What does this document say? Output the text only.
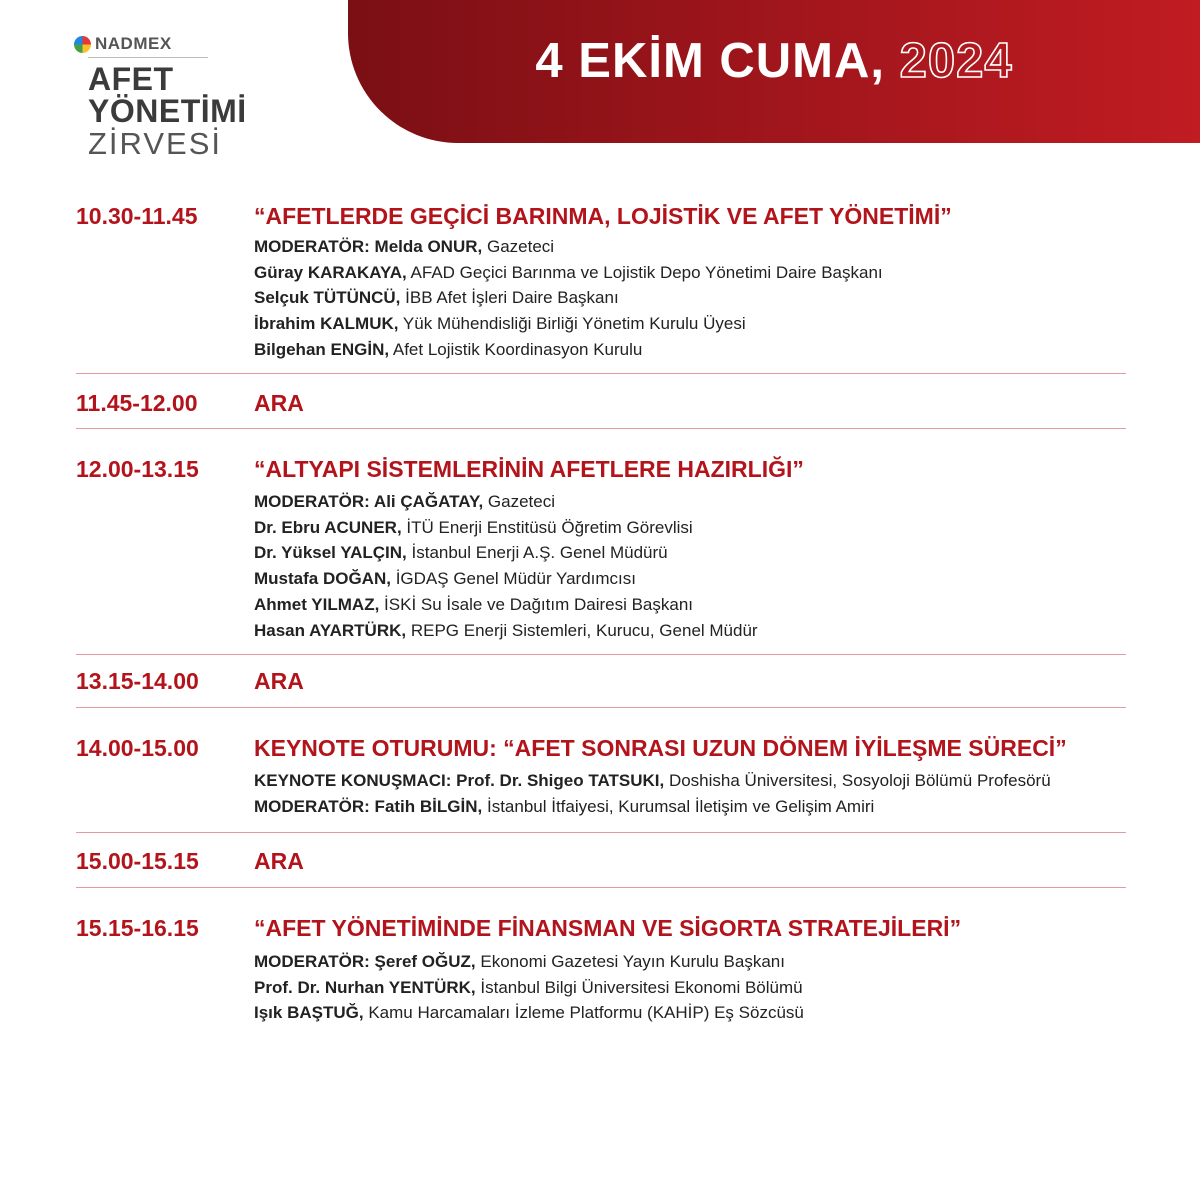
NADMEX
AFET
YÖNETİMİ
ZİRVESİ
4 EKİM CUMA, 2024
10.30-11.45 “AFETLERDE GEÇİCİ BARINMA, LOJİSTİK VE AFET YÖNETİMİ”
MODERATÖR: Melda ONUR, Gazeteci
Güray KARAKAYA, AFAD Geçici Barınma ve Lojistik Depo Yönetimi Daire Başkanı
Selçuk TÜTÜNCÜ, İBB Afet İşleri Daire Başkanı
İbrahim KALMUK, Yük Mühendisliği Birliği Yönetim Kurulu Üyesi
Bilgehan ENGİN, Afet Lojistik Koordinasyon Kurulu
11.45-12.00 ARA
12.00-13.15 “ALTYAPI SİSTEMLERİNİN AFETLERE HAZIRLIĞI”
MODERATÖR: Ali ÇAĞATAY, Gazeteci
Dr. Ebru ACUNER, İTÜ Enerji Enstitüsü Öğretim Görevlisi
Dr. Yüksel YALÇIN, İstanbul Enerji A.Ş. Genel Müdürü
Mustafa DOĞAN, İGDAŞ Genel Müdür Yardımcısı
Ahmet YILMAZ, İSKİ Su İsale ve Dağıtım Dairesi Başkanı
Hasan AYARTÜRK, REPG Enerji Sistemleri, Kurucu, Genel Müdür
13.15-14.00 ARA
14.00-15.00 KEYNOTE OTURUMU: “AFET SONRASI UZUN DÖNEM İYİLEŞME SÜRECİ”
KEYNOTE KONUŞMACI: Prof. Dr. Shigeo TATSUKI, Doshisha Üniversitesi, Sosyoloji Bölümü Profesörü
MODERATÖR: Fatih BİLGİN, İstanbul İtfaiyesi, Kurumsal İletişim ve Gelişim Amiri
15.00-15.15 ARA
15.15-16.15 “AFET YÖNETİMİNDE FİNANSMAN VE SİGORTA STRATEJİLERİ”
MODERATÖR: Şeref OĞUZ, Ekonomi Gazetesi Yayın Kurulu Başkanı
Prof. Dr. Nurhan YENTÜRK, İstanbul Bilgi Üniversitesi Ekonomi Bölümü
Işık BAŞTUĞ, Kamu Harcamaları İzleme Platformu (KAHİP) Eş Sözcüsü
